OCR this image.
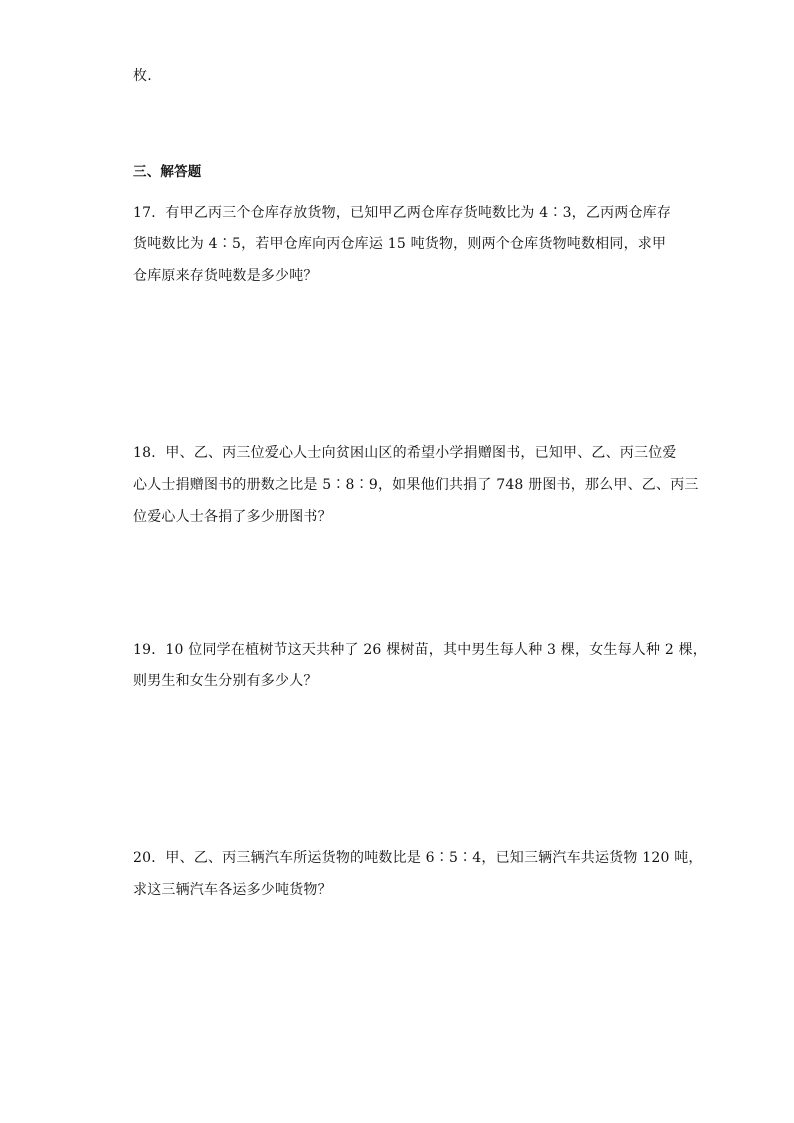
枚.
三、解答题
17．有甲乙丙三个仓库存放货物，已知甲乙两仓库存货吨数比为 4∶3，乙丙两仓库存
货吨数比为 4∶5，若甲仓库向丙仓库运 15 吨货物，则两个仓库货物吨数相同，求甲
仓库原来存货吨数是多少吨？
18．甲、乙、丙三位爱心人士向贫困山区的希望小学捐赠图书，已知甲、乙、丙三位爱
心人士捐赠图书的册数之比是 5∶8∶9，如果他们共捐了 748 册图书，那么甲、乙、丙三
位爱心人士各捐了多少册图书？
19．10 位同学在植树节这天共种了 26 棵树苗，其中男生每人种 3 棵，女生每人种 2 棵，
则男生和女生分别有多少人？
20．甲、乙、丙三辆汽车所运货物的吨数比是 6∶5∶4，已知三辆汽车共运货物 120 吨，
求这三辆汽车各运多少吨货物？
